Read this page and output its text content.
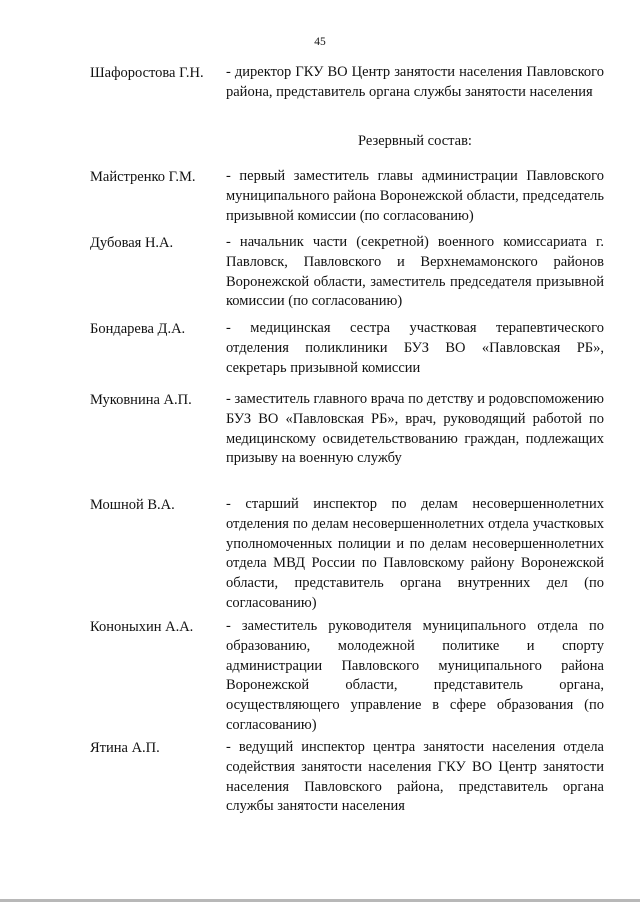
45
Шафоростова Г.Н. - директор ГКУ ВО Центр занятости населения Павловского района, представитель органа службы занятости населения
Резервный состав:
Майстренко Г.М. - первый заместитель главы администрации Павловского муниципального района Воронежской области, председатель призывной комиссии (по согласованию)
Дубовая Н.А.	- начальник части (секретной) военного комиссариата г. Павловск, Павловского и Верхнемамонского районов Воронежской области, заместитель председателя призывной комиссии (по согласованию)
Бондарева Д.А.	- медицинская сестра участковая терапевтического отделения поликлиники БУЗ ВО «Павловская РБ», секретарь призывной комиссии
Муковнина А.П. - заместитель главного врача по детству и родовспоможению БУЗ ВО «Павловская РБ», врач, руководящий работой по медицинскому освидетельствованию граждан, подлежащих призыву на военную службу
Мошной В.А.	- старший инспектор по делам несовершеннолетних отделения по делам несовершеннолетних отдела участковых уполномоченных полиции и по делам несовершеннолетних отдела МВД России по Павловскому району Воронежской области, представитель органа внутренних дел (по согласованию)
Кононыхин А.А. - заместитель руководителя муниципального отдела по образованию, молодежной политике и спорту администрации Павловского муниципального района Воронежской области, представитель органа, осуществляющего управление в сфере образования (по согласованию)
Ятина А.П.	- ведущий инспектор центра занятости населения отдела содействия занятости населения ГКУ ВО Центр занятости населения Павловского района, представитель органа службы занятости населения
